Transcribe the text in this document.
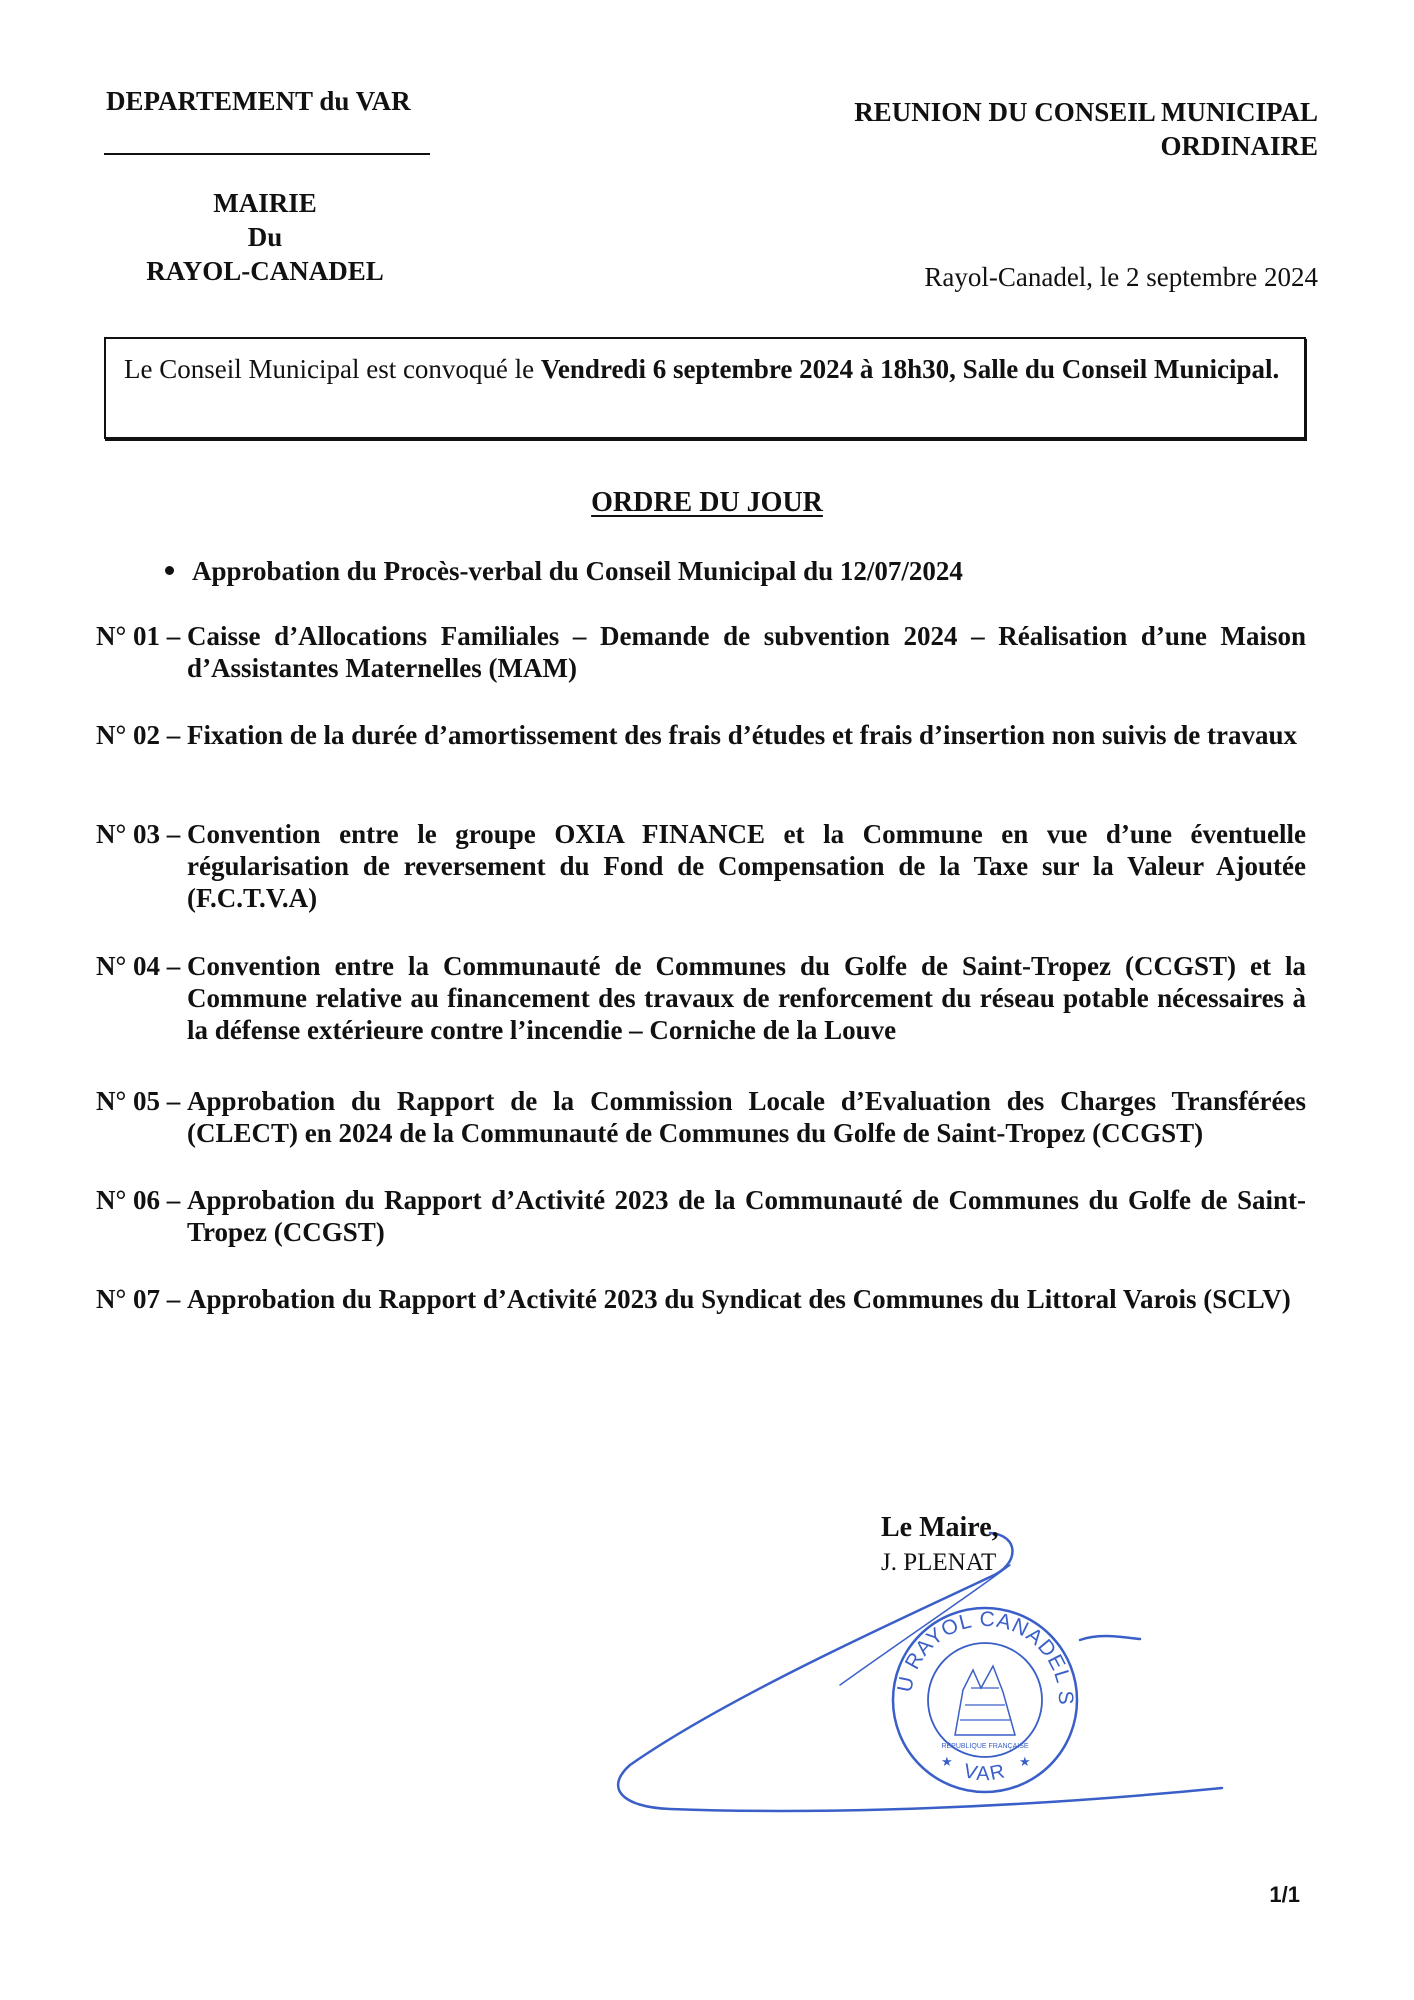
DEPARTEMENT du VAR
MAIRIE
Du
RAYOL-CANADEL
REUNION DU CONSEIL MUNICIPAL
ORDINAIRE
Rayol-Canadel, le 2 septembre 2024
Le Conseil Municipal est convoqué le Vendredi 6 septembre 2024 à 18h30, Salle du Conseil Municipal.
ORDRE DU JOUR
Approbation du Procès-verbal du Conseil Municipal du 12/07/2024
N° 01 – Caisse d’Allocations Familiales – Demande de subvention 2024 – Réalisation d’une Maison d’Assistantes Maternelles (MAM)
N° 02 – Fixation de la durée d’amortissement des frais d’études et frais d’insertion non suivis de travaux
N° 03 – Convention entre le groupe OXIA FINANCE et la Commune en vue d’une éventuelle régularisation de reversement du Fond de Compensation de la Taxe sur la Valeur Ajoutée (F.C.T.V.A)
N° 04 – Convention entre la Communauté de Communes du Golfe de Saint-Tropez (CCGST) et la Commune relative au financement des travaux de renforcement du réseau potable nécessaires à la défense extérieure contre l’incendie – Corniche de la Louve
N° 05 – Approbation du Rapport de la Commission Locale d’Evaluation des Charges Transférées (CLECT) en 2024 de la Communauté de Communes du Golfe de Saint-Tropez (CCGST)
N° 06 – Approbation du Rapport d’Activité 2023 de la Communauté de Communes du Golfe de Saint-Tropez (CCGST)
N° 07 – Approbation du Rapport d’Activité 2023 du Syndicat des Communes du Littoral Varois (SCLV)
MAIRIE DU RAYOL CANADEL SUR MER
VAR
★	★
RÉPUBLIQUE FRANÇAISE
Le Maire,
J. PLENAT
1/1
